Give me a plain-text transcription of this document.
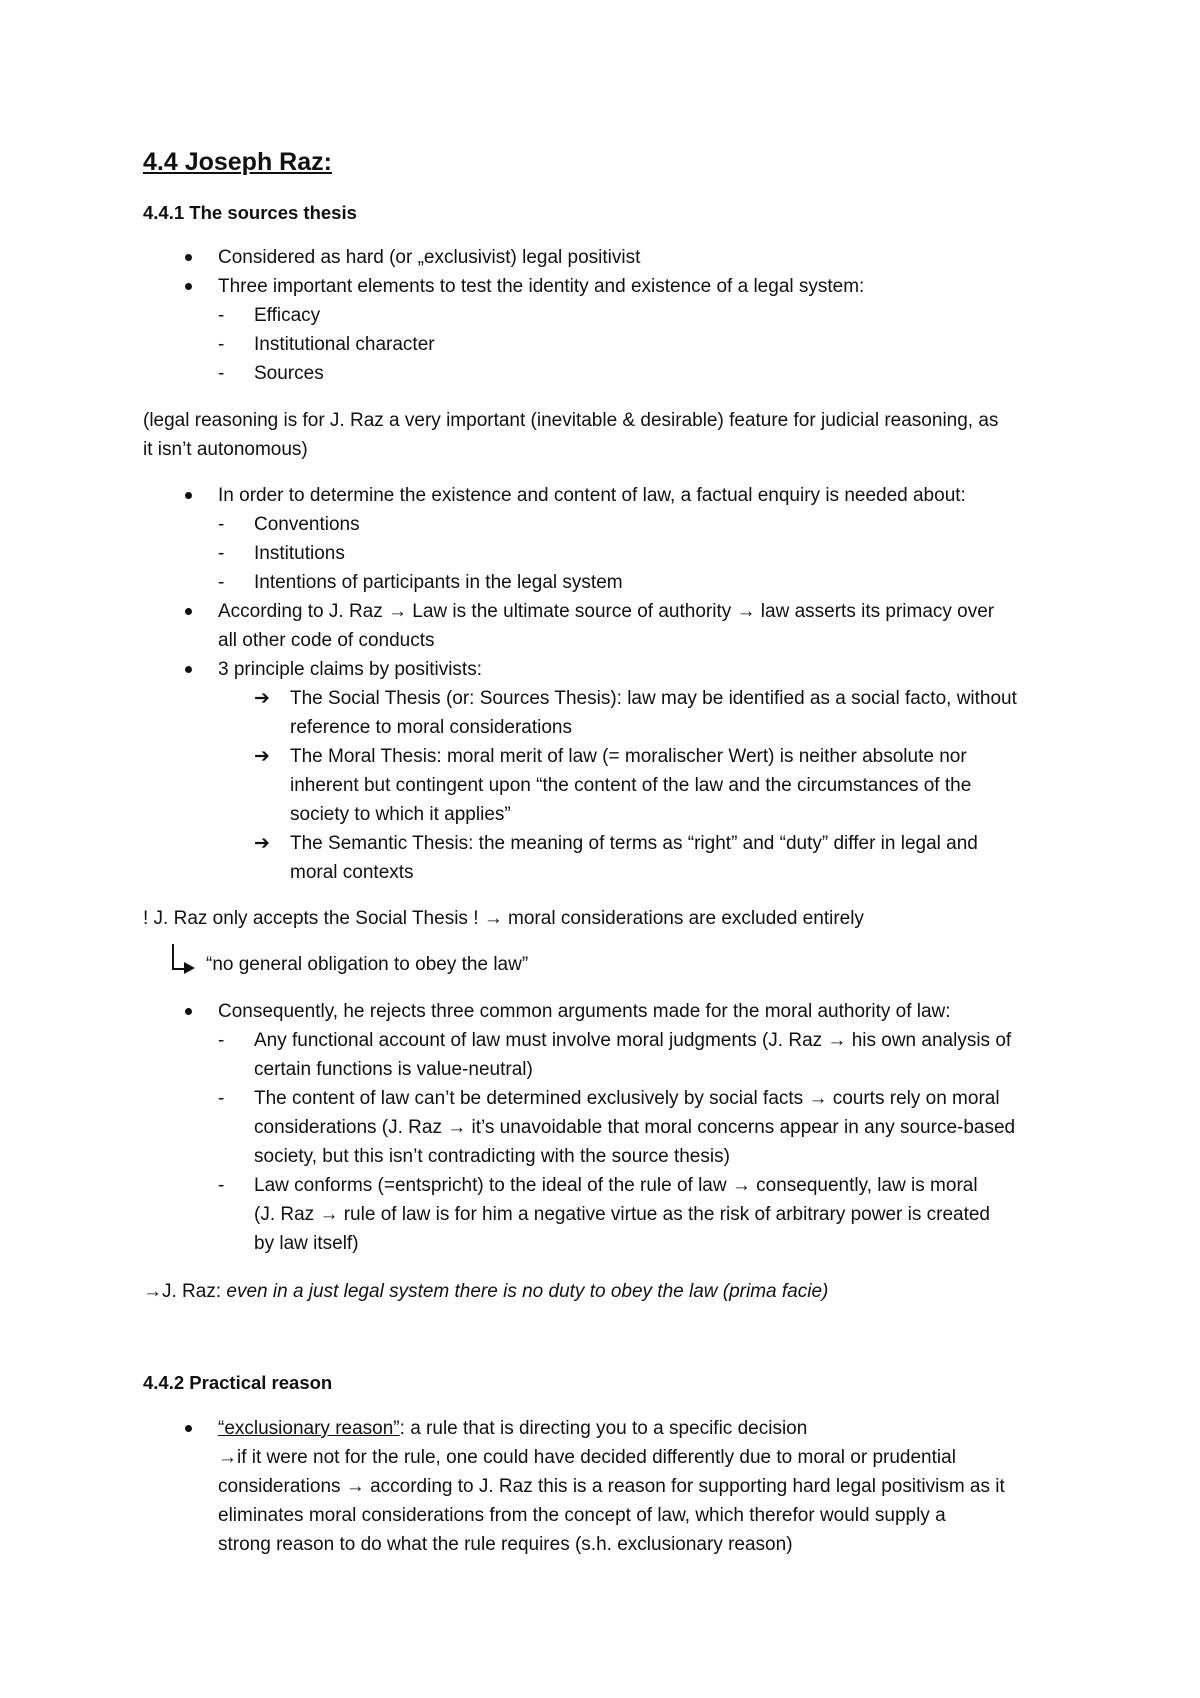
4.4 Joseph Raz:
4.4.1 The sources thesis
Considered as hard (or „exclusivist) legal positivist
Three important elements to test the identity and existence of a legal system:
- Efficacy
- Institutional character
- Sources
(legal reasoning is for J. Raz a very important (inevitable & desirable) feature for judicial reasoning, as
it isn’t autonomous)
In order to determine the existence and content of law, a factual enquiry is needed about:
- Conventions
- Institutions
- Intentions of participants in the legal system
According to J. Raz → Law is the ultimate source of authority → law asserts its primacy over
all other code of conducts
3 principle claims by positivists:
➔ The Social Thesis (or: Sources Thesis): law may be identified as a social facto, without
reference to moral considerations
➔ The Moral Thesis: moral merit of law (= moralischer Wert) is neither absolute nor
inherent but contingent upon “the content of the law and the circumstances of the
society to which it applies”
➔ The Semantic Thesis: the meaning of terms as “right” and “duty” differ in legal and
moral contexts
! J. Raz only accepts the Social Thesis ! → moral considerations are excluded entirely
“no general obligation to obey the law”
Consequently, he rejects three common arguments made for the moral authority of law:
- Any functional account of law must involve moral judgments (J. Raz → his own analysis of
certain functions is value-neutral)
- The content of law can’t be determined exclusively by social facts → courts rely on moral
considerations (J. Raz → it’s unavoidable that moral concerns appear in any source-based
society, but this isn’t contradicting with the source thesis)
- Law conforms (=entspricht) to the ideal of the rule of law → consequently, law is moral
(J. Raz → rule of law is for him a negative virtue as the risk of arbitrary power is created
by law itself)
→J. Raz: even in a just legal system there is no duty to obey the law (prima facie)
4.4.2 Practical reason
“exclusionary reason”: a rule that is directing you to a specific decision
→if it were not for the rule, one could have decided differently due to moral or prudential
considerations → according to J. Raz this is a reason for supporting hard legal positivism as it
eliminates moral considerations from the concept of law, which therefor would supply a
strong reason to do what the rule requires (s.h. exclusionary reason)
